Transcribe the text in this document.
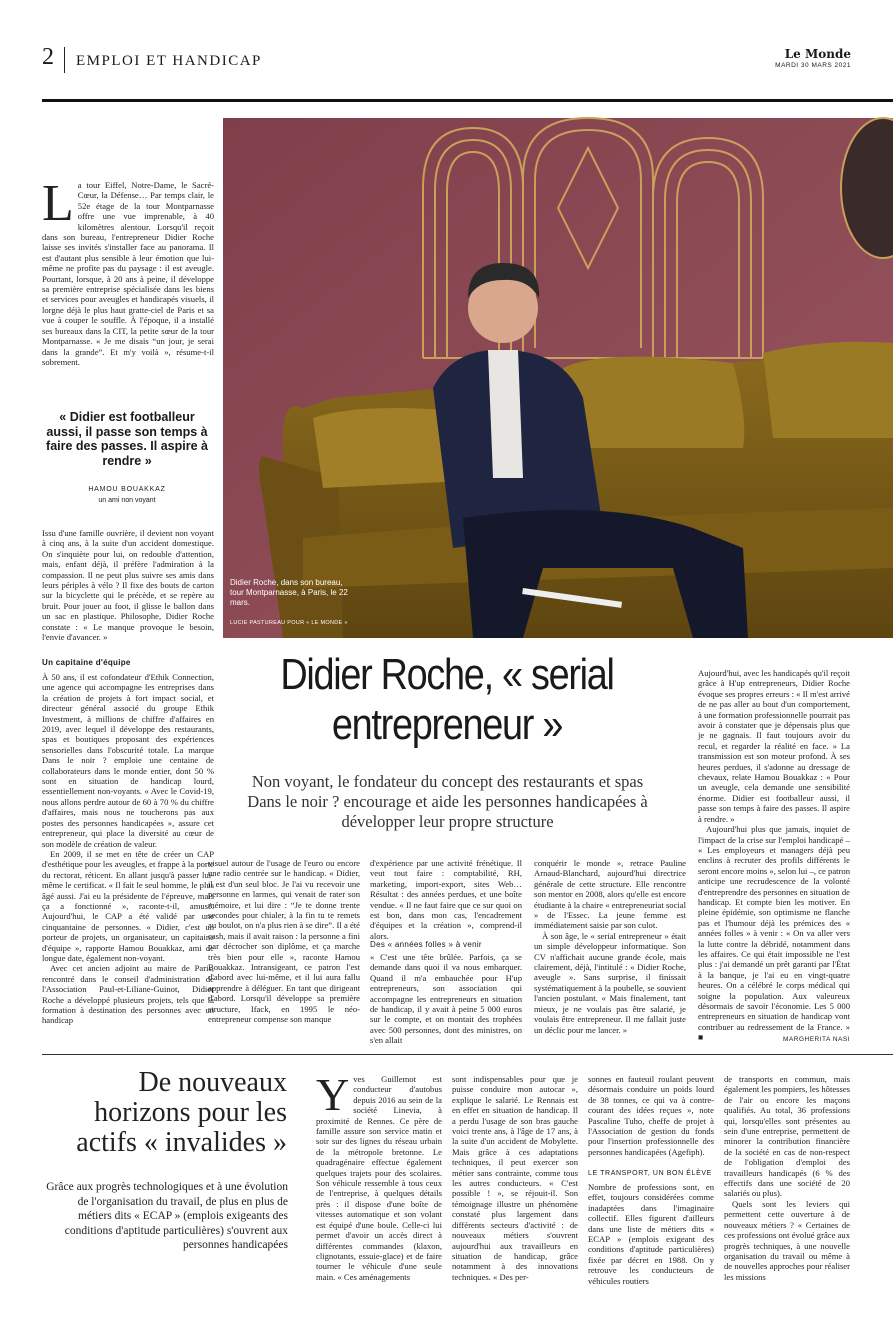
2 EMPLOI ET HANDICAP	Le Monde
MARDI 30 MARS 2021
Didier Roche, dans son bureau, tour Montparnasse, à Paris, le 22 mars.
LUCIE PASTUREAU POUR « LE MONDE »
La tour Eiffel, Notre-Dame, le Sacré-Cœur, la Défense… Par temps clair, le 52e étage de la tour Montparnasse offre une vue imprenable, à 40 kilomètres alentour. Lorsqu'il reçoit dans son bureau, l'entrepreneur Didier Roche laisse ses invités s'installer face au panorama. Il est d'autant plus sensible à leur émotion que lui-même ne profite pas du paysage : il est aveugle. Pourtant, lorsque, à 20 ans à peine, il développe sa première entreprise spécialisée dans les biens et services pour aveugles et handicapés visuels, il lorgne déjà le plus haut gratte-ciel de Paris et sa vue à couper le souffle. À l'époque, il a installé ses bureaux dans la CIT, la petite sœur de la tour Montparnasse. « Je me disais “un jour, je serai dans la grande”. Et m'y voilà », résume-t-il sobrement.
« Didier est footballeur aussi, il passe son temps à faire des passes. Il aspire à rendre »
HAMOU BOUAKKAZ
un ami non voyant

Issu d'une famille ouvrière, il devient non voyant à cinq ans, à la suite d'un accident domestique. On s'inquiète pour lui, on redouble d'attention, mais, enfant déjà, il préfère l'admiration à la compassion. Il ne peut plus suivre ses amis dans leurs périples à vélo ? Il fixe des bouts de carton sur la bicyclette qui le précède, et se repère au bruit. Pour jouer au foot, il glisse le ballon dans un sac en plastique. Philosophe, Didier Roche constate : « Le manque provoque le besoin, l'envie d'avancer. »

Un capitaine d'équipe

À 50 ans, il est cofondateur d'Ethik Connection, une agence qui accompagne les entreprises dans la création de projets à fort impact social, et directeur général associé du groupe Ethik Investment, à millions de chiffre d'affaires en 2019, avec lequel il développe des restaurants, spas et boutiques proposant des expériences sensorielles dans l'obscurité totale. La marque Dans le noir ? emploie une centaine de collaborateurs dans le monde entier, dont 50 % sont en situation de handicap lourd, essentiellement non-voyants. « Avec le Covid-19, nous allons perdre autour de 60 à 70 % du chiffre d'affaires, mais nous ne toucherons pas aux postes des personnes handicapées », assure cet entrepreneur, qui place la diversité au cœur de son modèle de création de valeur.

En 2009, il se met en tête de créer un CAP d'esthétique pour les aveugles, et frappe à la porte du rectorat, réticent. En allant jusqu'à passer lui-même le certificat. « Il fait le seul homme, le plus âgé aussi. J'ai eu la présidente de l'épreuve, mais ça a fonctionné », raconte-t-il, amusé. Aujourd'hui, le CAP a été validé par une cinquantaine de personnes. « Didier, c'est un porteur de projets, un organisateur, un capitaine d'équipe », rapporte Hamou Bouakkaz, ami de longue date, également non-voyant.

Avec cet ancien adjoint au maire de Paris, rencontré dans le conseil d'administration de l'Association Paul-et-Liliane-Guinot, Didier Roche a développé plusieurs projets, tels que la formation à destination des personnes avec un handicap

Didier Roche, « serial entrepreneur »
Non voyant, le fondateur du concept des restaurants et spas Dans le noir ? encourage et aide les personnes handicapées à développer leur propre structure

visuel autour de l'usage de l'euro ou encore une radio centrée sur le handicap. « Didier, il est d'un seul bloc. Je l'ai vu recevoir une personne en larmes, qui venait de rater son mémoire, et lui dire : “Je te donne trente secondes pour chialer, à la fin tu te remets au boulot, on n'a plus rien à se dire”. Il a été cash, mais il avait raison : la personne a fini par décrocher son diplôme, et ça marche très bien pour elle », raconte Hamou Bouakkaz. Intransigeant, ce patron l'est d'abord avec lui-même, et il lui aura fallu apprendre à déléguer. En tant que dirigeant d'abord. Lorsqu'il développe sa première structure, Ifack, en 1995 le néo-entrepreneur compense son manque

d'expérience par une activité frénétique. Il veut tout faire : comptabilité, RH, marketing, import-export, sites Web… Résultat : des années perdues, et une boîte vendue. « Il ne faut faire que ce sur quoi on est bon, dans mon cas, l'encadrement d'équipes et la création », comprend-il alors.

Des « années folles » à venir

« C'est une tête brûlée. Parfois, ça se demande dans quoi il va nous embarquer. Quand il m'a embauchée pour H'up entrepreneurs, son association qui accompagne les entrepreneurs en situation de handicap, il y avait à peine 5 000 euros sur le compte, et on montait des trophées avec 500 personnes, dont des ministres, on s'en allait

conquérir le monde », retrace Pauline Arnaud-Blanchard, aujourd'hui directrice générale de cette structure. Elle rencontre son mentor en 2008, alors qu'elle est encore étudiante à la chaire « entrepreneuriat social » de l'Essec. La jeune femme est immédiatement saisie par son culot.

À son âge, le « serial entrepreneur » était un simple développeur informatique. Son CV n'affichait aucune grande école, mais clairement, déjà, l'intitulé : « Didier Roche, aveugle ». Sans surprise, il finissait systématiquement à la poubelle, se souvient l'ancien postulant. « Mais finalement, tant mieux, je ne voulais pas être salarié, je voulais être entrepreneur. Il me fallait juste un déclic pour me lancer. »

Aujourd'hui, avec les handicapés qu'il reçoit grâce à H'up entrepreneurs, Didier Roche évoque ses propres erreurs : « Il m'est arrivé de ne pas aller au bout d'un comportement, à une formation professionnelle pourrait pas avoir à constater que je dépensais plus que je ne gagnais. Il faut toujours avoir du recul, et regarder la réalité en face. » La transmission est son moteur profond. À ses heures perdues, il s'adonne au dressage de chevaux, relate Hamou Bouakkaz : « Pour un aveugle, cela demande une sensibilité énorme. Didier est footballeur aussi, il passe son temps à faire des passes. Il aspire à rendre. »

Aujourd'hui plus que jamais, inquiet de l'impact de la crise sur l'emploi handicapé – « Les employeurs et managers déjà peu enclins à recruter des profils différents le seront encore moins », selon lui –, ce patron anticipe une recrudescence de la volonté d'entreprendre des personnes en situation de handicap. Et compte bien les motiver. En pleine épidémie, son optimisme ne flanche pas et l'humour déjà les prémices des « années folles » à venir : « On va aller vers la lutte contre la débridé, notamment dans les affaires. Ce qui était impossible ne l'est plus : j'ai demandé un prêt garanti par l'État à la banque, je l'ai eu en vingt-quatre heures. On a célébré le corps médical qui soigne la population. Aux valeureux désormais de savoir l'économie. Les 5 000 entrepreneurs en situation de handicap vont contribuer au redressement de la France. » ■	MARGHERITA NASI
De nouveaux horizons pour les actifs « invalides »
Grâce aux progrès technologiques et à une évolution de l'organisation du travail, de plus en plus de métiers dits « ECAP » (emplois exigeants des conditions d'aptitude particulières) s'ouvrent aux personnes handicapées
Yves Guillemot est conducteur d'autobus depuis 2016 au sein de la société Linevia, à proximité de Rennes. Ce père de famille assure son service matin et soir sur des lignes du réseau urbain de la métropole bretonne. Le quadragénaire effectue également quelques trajets pour des scolaires. Son véhicule ressemble à tous ceux de l'entreprise, à quelques détails près : il dispose d'une boîte de vitesses automatique et son volant est équipé d'une boule. Celle-ci lui permet d'avoir un accès direct à différentes commandes (klaxon, clignotants, essuie-glace) et de faire tourner le véhicule d'une seule main. « Ces aménagements

sont indispensables pour que je puisse conduire mon autocar », explique le salarié. Le Rennais est en effet en situation de handicap. Il a perdu l'usage de son bras gauche voici trente ans, à l'âge de 17 ans, à la suite d'un accident de Mobylette. Mais grâce à ces adaptations techniques, il peut exercer son métier sans contrainte, comme tous les autres conducteurs. « C'est possible ! », se réjouit-il. Son témoignage illustre un phénomène constaté plus largement dans différents secteurs d'activité : de nouveaux métiers s'ouvrent aujourd'hui aux travailleurs en situation de handicap, grâce notamment à des innovations techniques. « Des per-

sonnes en fauteuil roulant peuvent désormais conduire un poids lourd de 38 tonnes, ce qui va à contre-courant des idées reçues », note Pascaline Tuho, cheffe de projet à l'Association de gestion du fonds pour l'insertion professionnelle des personnes handicapées (Agefiph).

LE TRANSPORT, UN BON ÉLÈVE

Nombre de professions sont, en effet, toujours considérées comme inadaptées dans l'imaginaire collectif. Elles figurent d'ailleurs dans une liste de métiers dits « ECAP » (emplois exigeant des conditions d'aptitude particulières) fixée par décret en 1988. On y retrouve les conducteurs de véhicules routiers

de transports en commun, mais également les pompiers, les hôtesses de l'air ou encore les maçons qualifiés. Au total, 36 professions qui, lorsqu'elles sont présentes au sein d'une entreprise, permettent de minorer la contribution financière de la société en cas de non-respect de l'obligation d'emploi des travailleurs handicapés (6 % des effectifs dans une société de 20 salariés ou plus).

Quels sont les leviers qui permettent cette ouverture à de nouveaux métiers ? « Certaines de ces professions ont évolué grâce aux progrès techniques, à une nouvelle organisation du travail ou même à de nouvelles approches pour réaliser les missions
